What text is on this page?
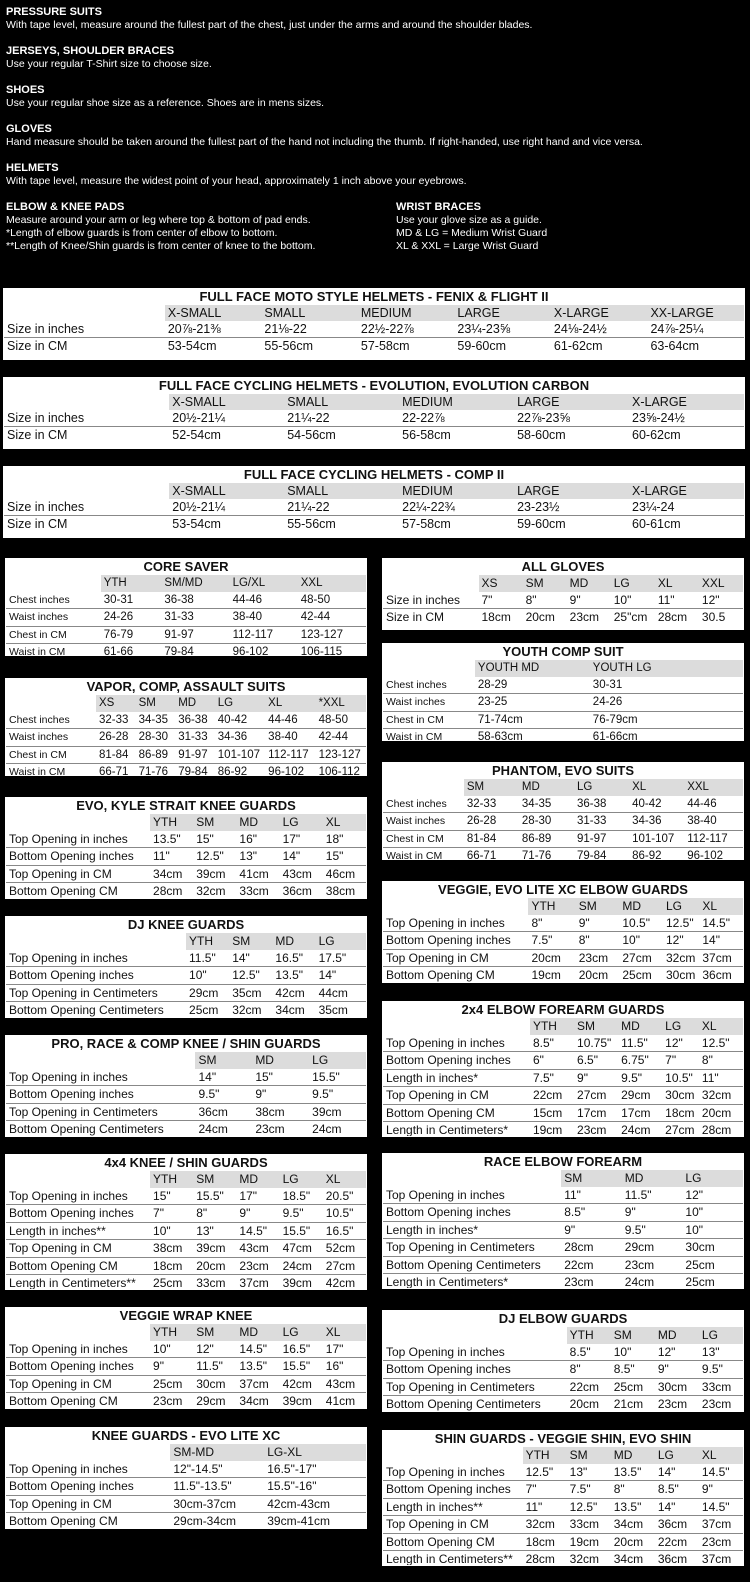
PRESSURE SUITS

With tape level, measure around the fullest part of the chest, just under the arms and around the shoulder blades.

JERSEYS, SHOULDER BRACES

Use your regular T-Shirt size to choose size.

SHOES

Use your regular shoe size as a reference. Shoes are in mens sizes.

GLOVES

Hand measure should be taken around the fullest part of the hand not including the thumb. If right-handed, use right hand and vice versa.

HELMETS

With tape level, measure the widest point of your head, approximately 1 inch above your eyebrows.

ELBOW & KNEE PADS

Measure around your arm or leg where top & bottom of pad ends.

*Length of elbow guards is from center of elbow to bottom.

**Length of Knee/Shin guards is from center of knee to the bottom.

WRIST BRACES

Use your glove size as a guide.

MD & LG = Medium Wrist Guard

XL & XXL = Large Wrist Guard

FULL FACE MOTO STYLE HELMETS - FENIX & FLIGHT II
	X-SMALL	SMALL	MEDIUM	LARGE	X-LARGE	XX-LARGE
Size in inches	20⅞-21⅜	21⅛-22	22½-22⅞	23¼-23⅝	24⅛-24½	24⅞-25¼
Size in CM	53-54cm	55-56cm	57-58cm	59-60cm	61-62cm	63-64cm
FULL FACE CYCLING HELMETS - EVOLUTION, EVOLUTION CARBON
	X-SMALL	SMALL	MEDIUM	LARGE	X-LARGE
Size in inches	20½-21¼	21¼-22	22-22⅞	22⅞-23⅝	23⅝-24½
Size in CM	52-54cm	54-56cm	56-58cm	58-60cm	60-62cm
FULL FACE CYCLING HELMETS - COMP II
	X-SMALL	SMALL	MEDIUM	LARGE	X-LARGE
Size in inches	20½-21¼	21¼-22	22¼-22¾	23-23½	23¼-24
Size in CM	53-54cm	55-56cm	57-58cm	59-60cm	60-61cm
CORE SAVER
	YTH	SM/MD	LG/XL	XXL
Chest inches	30-31	36-38	44-46	48-50
Waist inches	24-26	31-33	38-40	42-44
Chest in CM	76-79	91-97	112-117	123-127
Waist in CM	61-66	79-84	96-102	106-115
VAPOR, COMP, ASSAULT SUITS
	XS	SM	MD	LG	XL	*XXL
Chest inches	32-33	34-35	36-38	40-42	44-46	48-50
Waist inches	26-28	28-30	31-33	34-36	38-40	42-44
Chest in CM	81-84	86-89	91-97	101-107	112-117	123-127
Waist in CM	66-71	71-76	79-84	86-92	96-102	106-112
EVO, KYLE STRAIT KNEE GUARDS
	YTH	SM	MD	LG	XL
Top Opening in inches	13.5"	15"	16"	17"	18"
Bottom Opening inches	11"	12.5"	13"	14"	15"
Top Opening in CM	34cm	39cm	41cm	43cm	46cm
Bottom Opening CM	28cm	32cm	33cm	36cm	38cm
DJ KNEE GUARDS
	YTH	SM	MD	LG
Top Opening in inches	11.5"	14"	16.5"	17.5"
Bottom Opening inches	10"	12.5"	13.5"	14"
Top Opening in Centimeters	29cm	35cm	42cm	44cm
Bottom Opening Centimeters	25cm	32cm	34cm	35cm
PRO, RACE & COMP KNEE / SHIN GUARDS
	SM	MD	LG
Top Opening in inches	14"	15"	15.5"
Bottom Opening inches	9.5"	9"	9.5"
Top Opening in Centimeters	36cm	38cm	39cm
Bottom Opening Centimeters	24cm	23cm	24cm
4x4 KNEE / SHIN GUARDS
	YTH	SM	MD	LG	XL
Top Opening in inches	15"	15.5"	17"	18.5"	20.5"
Bottom Opening inches	7"	8"	9"	9.5"	10.5"
Length in inches**	10"	13"	14.5"	15.5"	16.5"
Top Opening in CM	38cm	39cm	43cm	47cm	52cm
Bottom Opening CM	18cm	20cm	23cm	24cm	27cm
Length in Centimeters**	25cm	33cm	37cm	39cm	42cm
VEGGIE WRAP KNEE
	YTH	SM	MD	LG	XL
Top Opening in inches	10"	12"	14.5"	16.5"	17"
Bottom Opening inches	9"	11.5"	13.5"	15.5"	16"
Top Opening in CM	25cm	30cm	37cm	42cm	43cm
Bottom Opening CM	23cm	29cm	34cm	39cm	41cm
KNEE GUARDS - EVO LITE XC
	SM-MD	LG-XL
Top Opening in inches	12"-14.5"	16.5"-17"
Bottom Opening inches	11.5"-13.5"	15.5"-16"
Top Opening in CM	30cm-37cm	42cm-43cm
Bottom Opening CM	29cm-34cm	39cm-41cm
ALL GLOVES
	XS	SM	MD	LG	XL	XXL
Size in inches	7"	8"	9"	10"	11"	12"
Size in CM	18cm	20cm	23cm	25"cm	28cm	30.5
YOUTH COMP SUIT
	YOUTH MD	YOUTH LG
Chest inches	28-29	30-31
Waist inches	23-25	24-26
Chest in CM	71-74cm	76-79cm
Waist in CM	58-63cm	61-66cm
PHANTOM, EVO SUITS
	SM	MD	LG	XL	XXL
Chest inches	32-33	34-35	36-38	40-42	44-46
Waist inches	26-28	28-30	31-33	34-36	38-40
Chest in CM	81-84	86-89	91-97	101-107	112-117
Waist in CM	66-71	71-76	79-84	86-92	96-102
VEGGIE, EVO LITE XC ELBOW GUARDS
	YTH	SM	MD	LG	XL
Top Opening in inches	8"	9"	10.5"	12.5"	14.5"
Bottom Opening inches	7.5"	8"	10"	12"	14"
Top Opening in CM	20cm	23cm	27cm	32cm	37cm
Bottom Opening CM	19cm	20cm	25cm	30cm	36cm
2x4 ELBOW FOREARM GUARDS
	YTH	SM	MD	LG	XL
Top Opening in inches	8.5"	10.75"	11.5"	12"	12.5"
Bottom Opening inches	6"	6.5"	6.75"	7"	8"
Length in inches*	7.5"	9"	9.5"	10.5"	11"
Top Opening in CM	22cm	27cm	29cm	30cm	32cm
Bottom Opening CM	15cm	17cm	17cm	18cm	20cm
Length in Centimeters*	19cm	23cm	24cm	27cm	28cm
RACE ELBOW FOREARM
	SM	MD	LG
Top Opening in inches	11"	11.5"	12"
Bottom Opening inches	8.5"	9"	10"
Length in inches*	9"	9.5"	10"
Top Opening in Centimeters	28cm	29cm	30cm
Bottom Opening Centimeters	22cm	23cm	25cm
Length in Centimeters*	23cm	24cm	25cm
DJ ELBOW GUARDS
	YTH	SM	MD	LG
Top Opening in inches	8.5"	10"	12"	13"
Bottom Opening inches	8"	8.5"	9"	9.5"
Top Opening in Centimeters	22cm	25cm	30cm	33cm
Bottom Opening Centimeters	20cm	21cm	23cm	23cm
SHIN GUARDS - VEGGIE SHIN, EVO SHIN
	YTH	SM	MD	LG	XL
Top Opening in inches	12.5"	13"	13.5"	14"	14.5"
Bottom Opening inches	7"	7.5"	8"	8.5"	9"
Length in inches**	11"	12.5"	13.5"	14"	14.5"
Top Opening in CM	32cm	33cm	34cm	36cm	37cm
Bottom Opening CM	18cm	19cm	20cm	22cm	23cm
Length in Centimeters**	28cm	32cm	34cm	36cm	37cm
